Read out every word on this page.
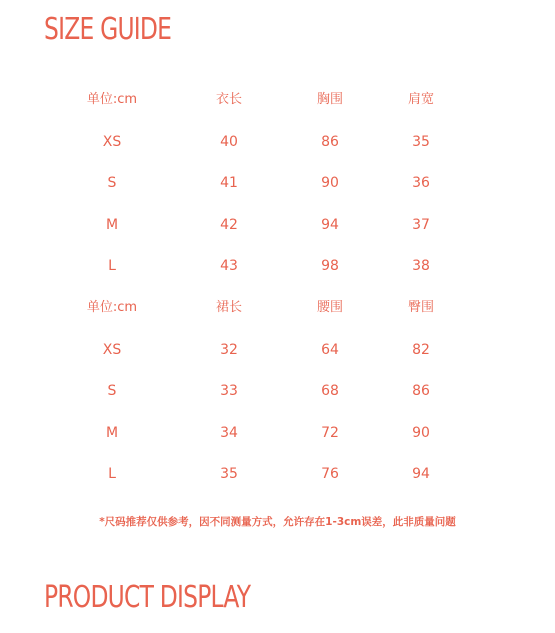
SIZE GUIDE
单位:cm	衣长	胸围	肩宽
XS	40	86	35
S	41	90	36
M	42	94	37
L	43	98	38
单位:cm	裙长	腰围	臀围
XS	32	64	82
S	33	68	86
M	34	72	90
L	35	76	94
*尺码推荐仅供参考，因不同测量方式，允许存在1-3cm误差，此非质量问题
PRODUCT DISPLAY
